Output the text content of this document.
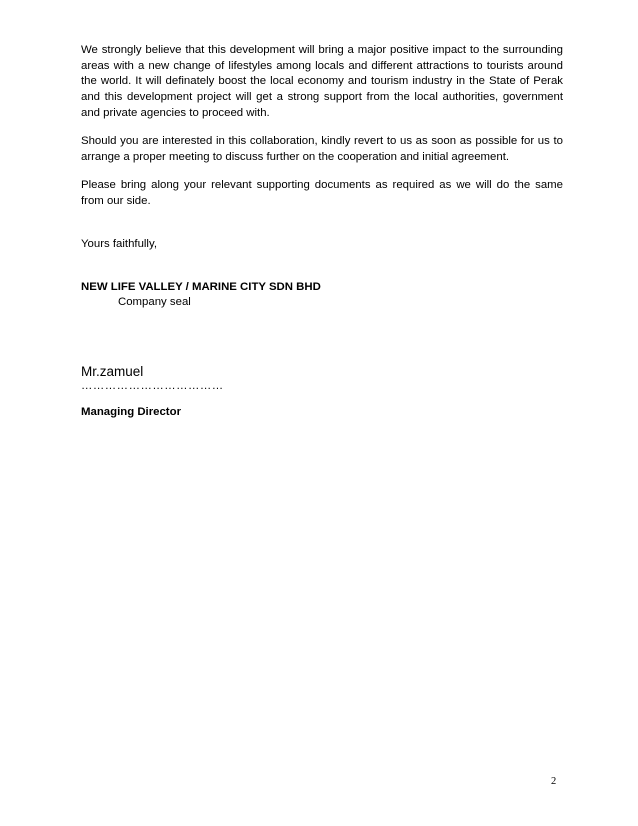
We strongly believe that this development will bring a major positive impact to the surrounding areas with a new change of lifestyles among locals and different attractions to tourists around the world. It will definately boost the local economy and tourism industry in the State of Perak and this development project will get a strong support from the local authorities, government and private agencies to proceed with.

Should you are interested in this collaboration, kindly revert to us as soon as possible for us to arrange a proper meeting to discuss further on the cooperation and initial agreement.

Please bring along your relevant supporting documents as required as we will do the same from our side.

Yours faithfully,

NEW LIFE VALLEY / MARINE CITY SDN BHD

Company seal

Mr.zamuel

………………………………

Managing Director

2
